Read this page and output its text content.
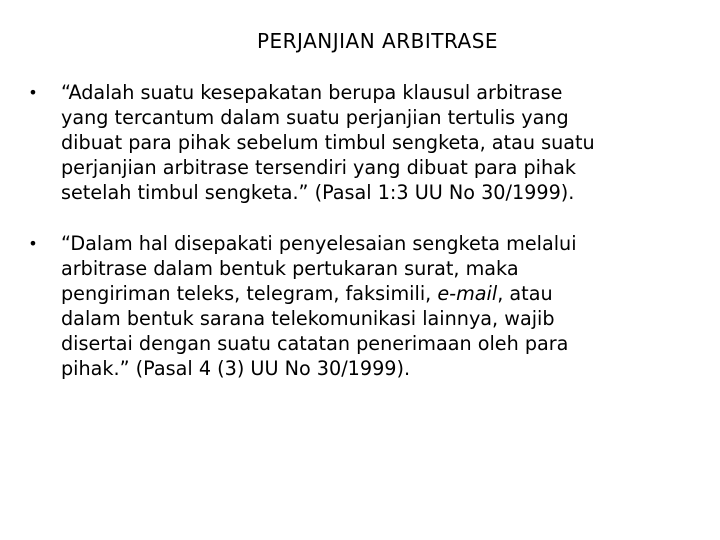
PERJANJIAN ARBITRASE
• “Adalah suatu kesepakatan berupa klausul arbitrase
yang tercantum dalam suatu perjanjian tertulis yang
dibuat para pihak sebelum timbul sengketa, atau suatu
perjanjian arbitrase tersendiri yang dibuat para pihak
setelah timbul sengketa.” (Pasal 1:3 UU No 30/1999).
• “Dalam hal disepakati penyelesaian sengketa melalui
arbitrase dalam bentuk pertukaran surat, maka
pengiriman teleks, telegram, faksimili, e-mail, atau
dalam bentuk sarana telekomunikasi lainnya, wajib
disertai dengan suatu catatan penerimaan oleh para
pihak.” (Pasal 4 (3) UU No 30/1999).
